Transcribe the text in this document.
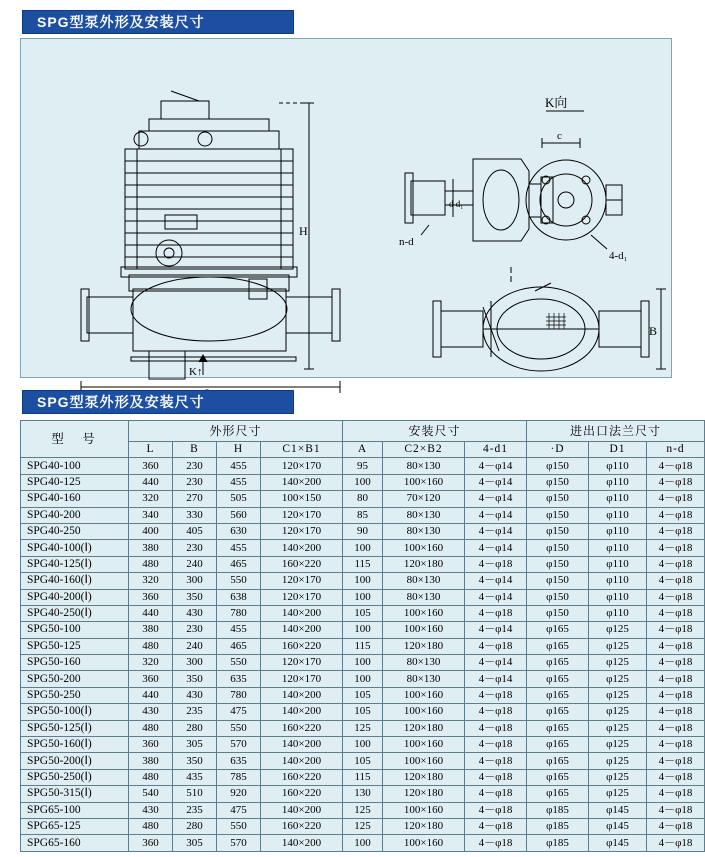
SPG型泵外形及安装尺寸
H
K↑
K向
c
n-d
4-d₁
B
d d₁
SPG型泵外形及安装尺寸
型　号	外形尺寸				安装尺寸			进出口法兰尺寸		
	L	B	H	C1×B1	A	C2×B2	4-d1	·D	D1	n-d
SPG40-100	360	230	455	120×170	95	80×130	4－φ14	φ150	φ110	4－φ18
SPG40-125	440	230	455	140×200	100	100×160	4－φ14	φ150	φ110	4－φ18
SPG40-160	320	270	505	100×150	80	70×120	4－φ14	φ150	φ110	4－φ18
SPG40-200	340	330	560	120×170	85	80×130	4－φ14	φ150	φ110	4－φ18
SPG40-250	400	405	630	120×170	90	80×130	4－φ14	φ150	φ110	4－φ18
SPG40-100(Ⅰ)	380	230	455	140×200	100	100×160	4－φ14	φ150	φ110	4－φ18
SPG40-125(Ⅰ)	480	240	465	160×220	115	120×180	4－φ18	φ150	φ110	4－φ18
SPG40-160(Ⅰ)	320	300	550	120×170	100	80×130	4－φ14	φ150	φ110	4－φ18
SPG40-200(Ⅰ)	360	350	638	120×170	100	80×130	4－φ14	φ150	φ110	4－φ18
SPG40-250(Ⅰ)	440	430	780	140×200	105	100×160	4－φ18	φ150	φ110	4－φ18
SPG50-100	380	230	455	140×200	100	100×160	4－φ14	φ165	φ125	4－φ18
SPG50-125	480	240	465	160×220	115	120×180	4－φ18	φ165	φ125	4－φ18
SPG50-160	320	300	550	120×170	100	80×130	4－φ14	φ165	φ125	4－φ18
SPG50-200	360	350	635	120×170	100	80×130	4－φ14	φ165	φ125	4－φ18
SPG50-250	440	430	780	140×200	105	100×160	4－φ18	φ165	φ125	4－φ18
SPG50-100(Ⅰ)	430	235	475	140×200	105	100×160	4－φ18	φ165	φ125	4－φ18
SPG50-125(Ⅰ)	480	280	550	160×220	125	120×180	4－φ18	φ165	φ125	4－φ18
SPG50-160(Ⅰ)	360	305	570	140×200	100	100×160	4－φ18	φ165	φ125	4－φ18
SPG50-200(Ⅰ)	380	350	635	140×200	105	100×160	4－φ18	φ165	φ125	4－φ18
SPG50-250(Ⅰ)	480	435	785	160×220	115	120×180	4－φ18	φ165	φ125	4－φ18
SPG50-315(Ⅰ)	540	510	920	160×220	130	120×180	4－φ18	φ165	φ125	4－φ18
SPG65-100	430	235	475	140×200	125	100×160	4－φ18	φ185	φ145	4－φ18
SPG65-125	480	280	550	160×220	125	120×180	4－φ18	φ185	φ145	4－φ18
SPG65-160	360	305	570	140×200	100	100×160	4－φ18	φ185	φ145	4－φ18
